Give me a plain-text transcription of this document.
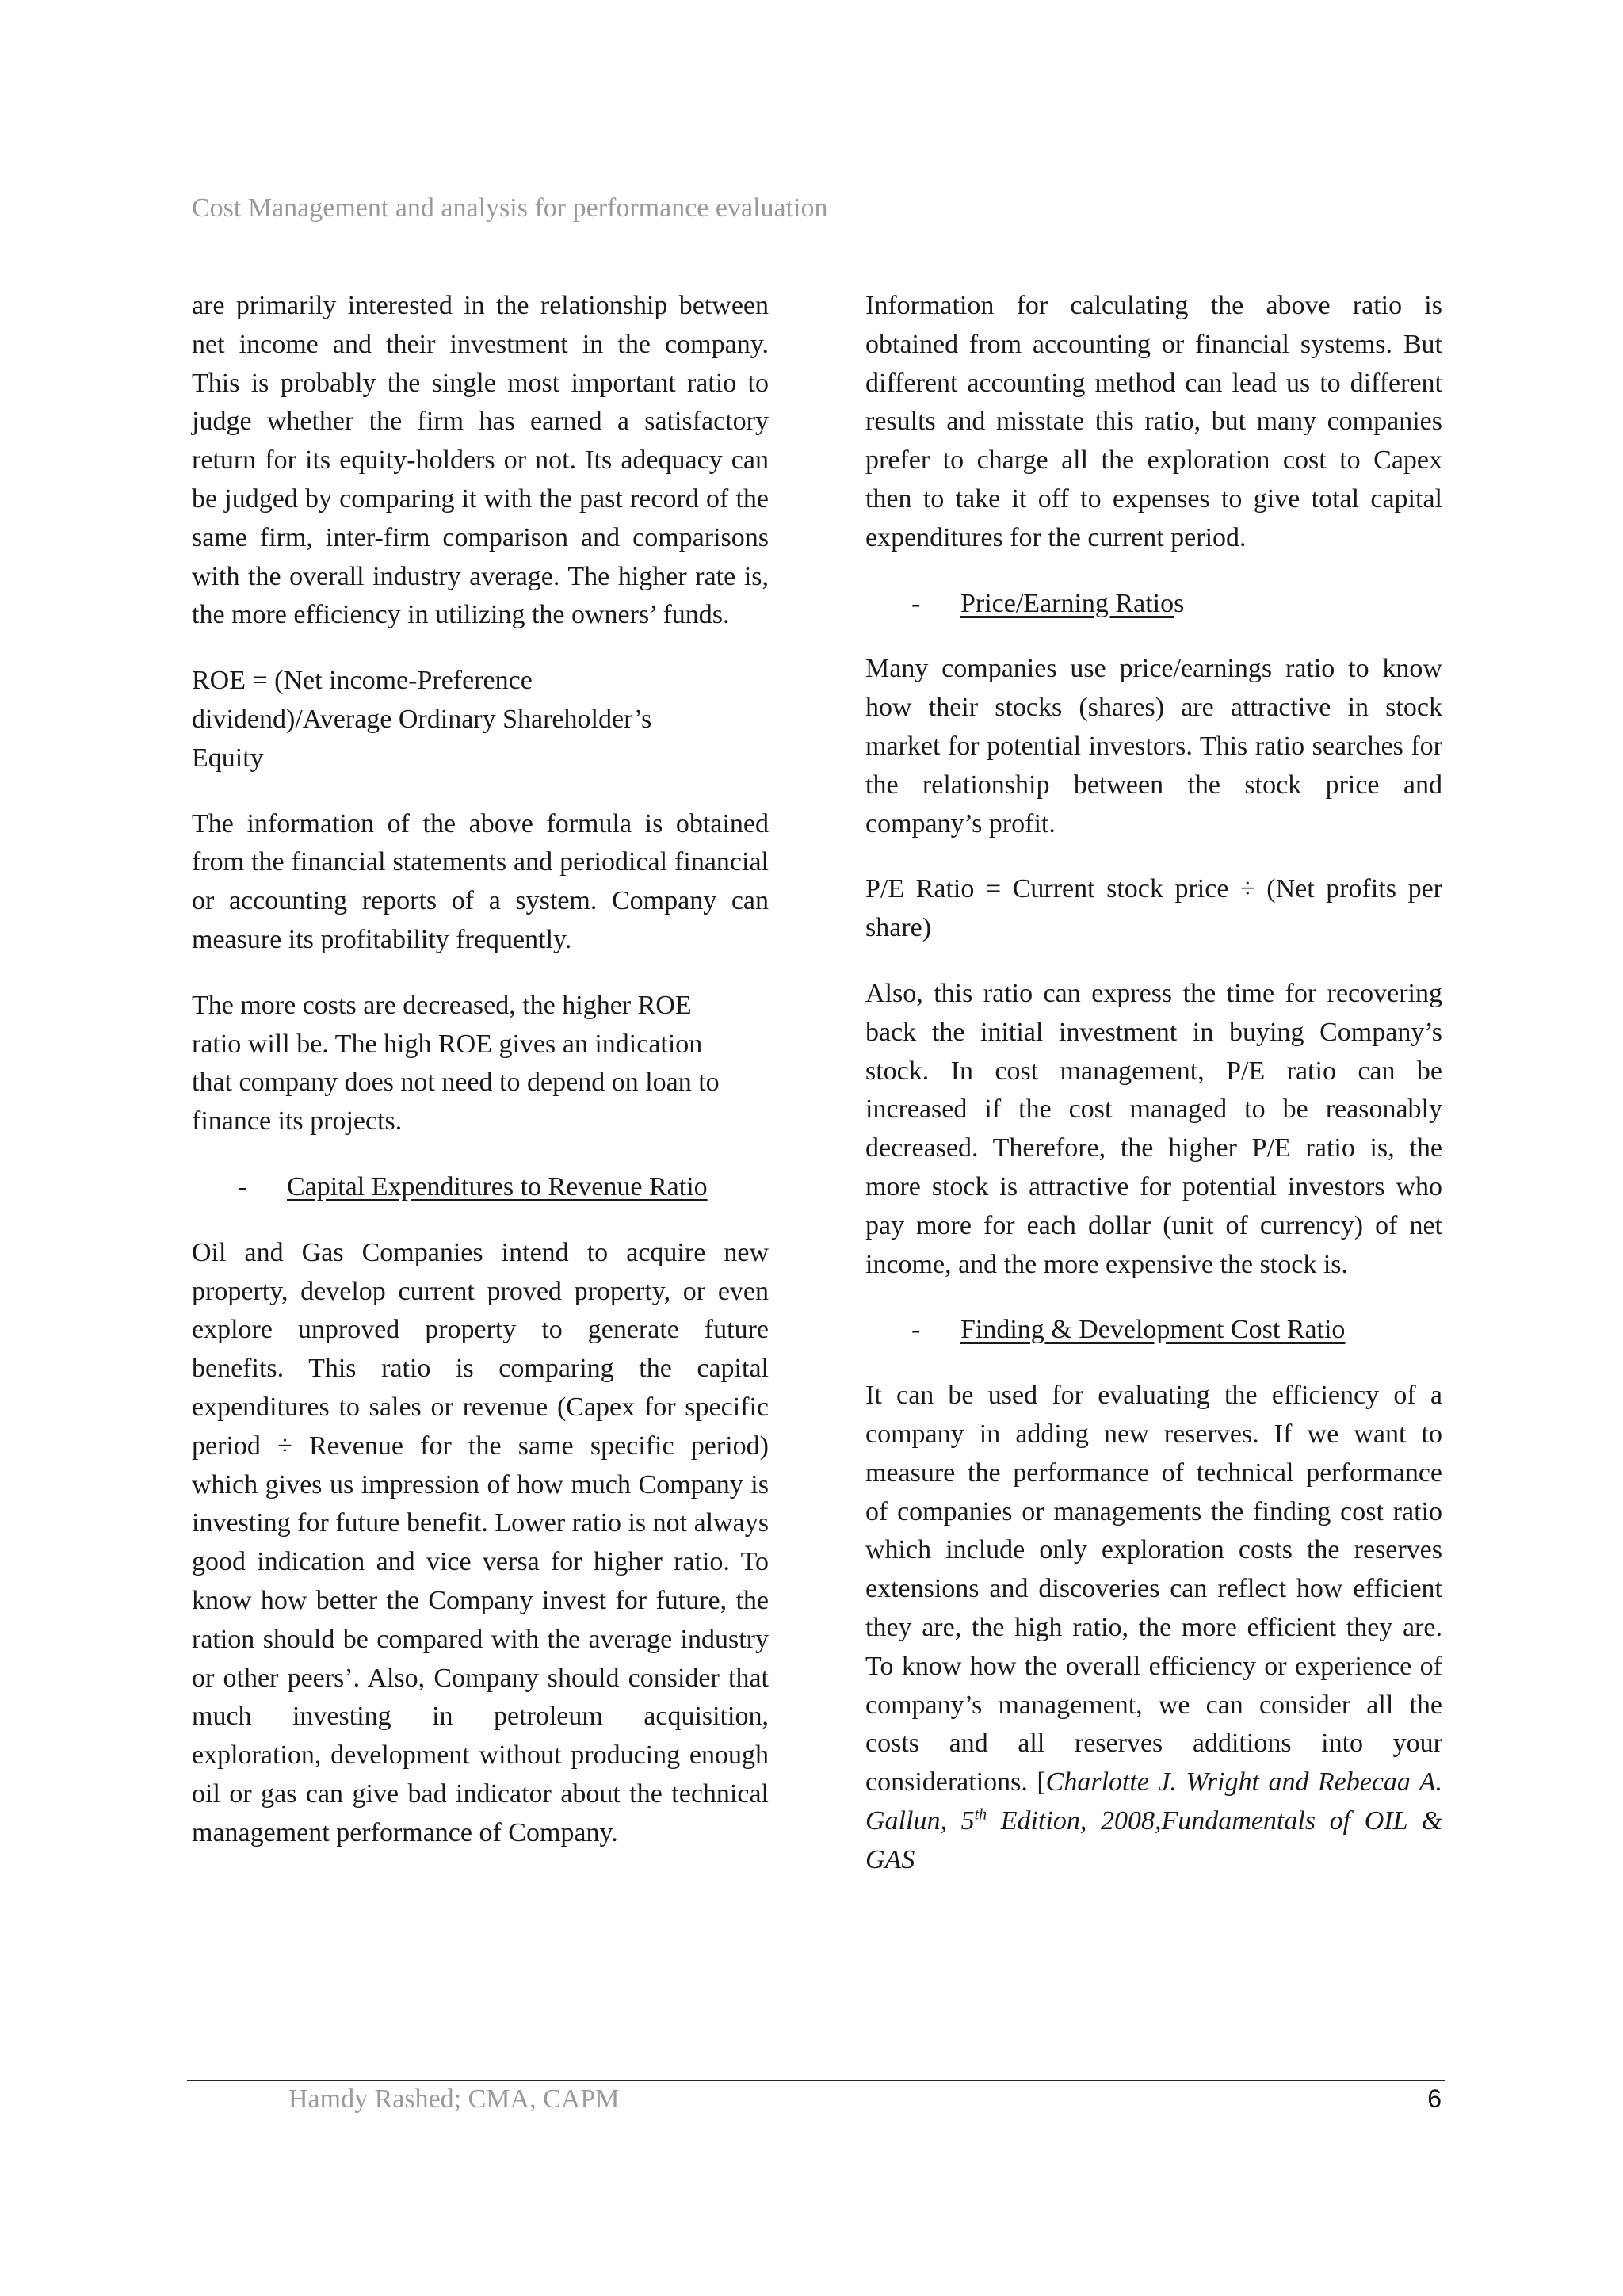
Cost Management and analysis for performance evaluation

are primarily interested in the relationship between net income and their investment in the company. This is probably the single most important ratio to judge whether the firm has earned a satisfactory return for its equity-holders or not. Its adequacy can be judged by comparing it with the past record of the same firm, inter-firm comparison and comparisons with the overall industry average. The higher rate is, the more efficiency in utilizing the owners’ funds.

ROE = (Net income-Preference
dividend)/Average Ordinary Shareholder’s
Equity

The information of the above formula is obtained from the financial statements and periodical financial or accounting reports of a system. Company can measure its profitability frequently.

The more costs are decreased, the higher ROE
ratio will be. The high ROE gives an indication
that company does not need to depend on loan to
finance its projects.

- Capital Expenditures to Revenue Ratio

Oil and Gas Companies intend to acquire new property, develop current proved property, or even explore unproved property to generate future benefits. This ratio is comparing the capital expenditures to sales or revenue (Capex for specific period ÷ Revenue for the same specific period) which gives us impression of how much Company is investing for future benefit. Lower ratio is not always good indication and vice versa for higher ratio. To know how better the Company invest for future, the ration should be compared with the average industry or other peers’. Also, Company should consider that much investing in petroleum acquisition, exploration, development without producing enough oil or gas can give bad indicator about the technical management performance of Company.

Information for calculating the above ratio is obtained from accounting or financial systems. But different accounting method can lead us to different results and misstate this ratio, but many companies prefer to charge all the exploration cost to Capex then to take it off to expenses to give total capital expenditures for the current period.

- Price/Earning Ratios

Many companies use price/earnings ratio to know how their stocks (shares) are attractive in stock market for potential investors. This ratio searches for the relationship between the stock price and company’s profit.

P/E Ratio = Current stock price ÷ (Net profits per share)

Also, this ratio can express the time for recovering back the initial investment in buying Company’s stock. In cost management, P/E ratio can be increased if the cost managed to be reasonably decreased. Therefore, the higher P/E ratio is, the more stock is attractive for potential investors who pay more for each dollar (unit of currency) of net income, and the more expensive the stock is.

- Finding & Development Cost Ratio

It can be used for evaluating the efficiency of a company in adding new reserves. If we want to measure the performance of technical performance of companies or managements the finding cost ratio which include only exploration costs the reserves extensions and discoveries can reflect how efficient they are, the high ratio, the more efficient they are. To know how the overall efficiency or experience of company’s management, we can consider all the costs and all reserves additions into your considerations. [Charlotte J. Wright and Rebecaa A. Gallun, 5th Edition, 2008,Fundamentals of OIL & GAS

Hamdy Rashed; CMA, CAPM	6
